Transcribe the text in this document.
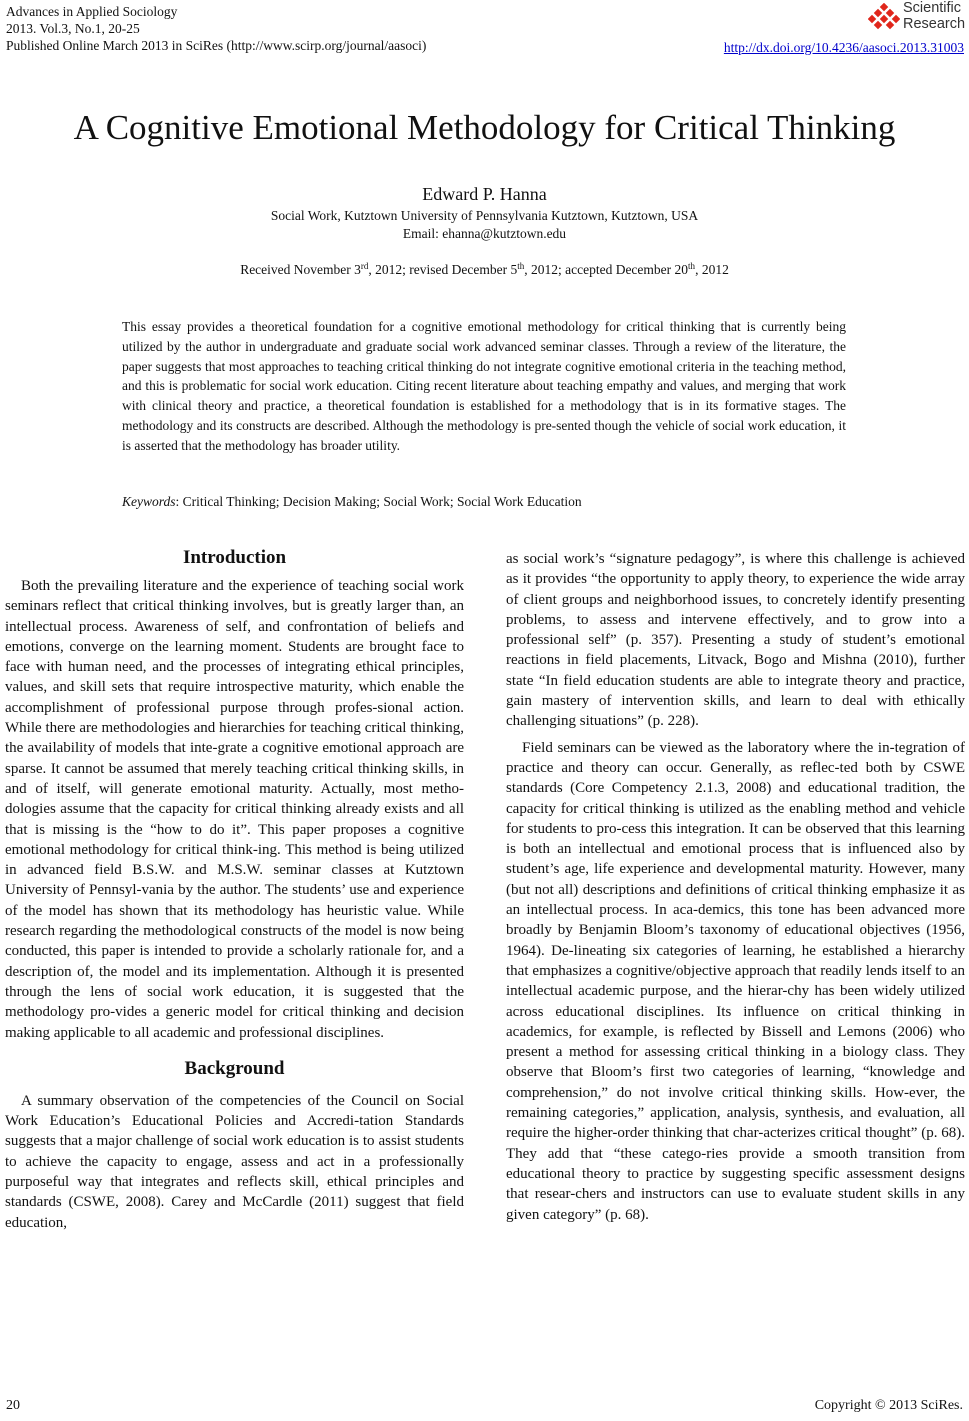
Advances in Applied Sociology
2013. Vol.3, No.1, 20-25
Published Online March 2013 in SciRes (http://www.scirp.org/journal/aasoci)
Scientific
Research
http://dx.doi.org/10.4236/aasoci.2013.31003
A Cognitive Emotional Methodology for Critical Thinking
Edward P. Hanna
Social Work, Kutztown University of Pennsylvania Kutztown, Kutztown, USA
Email: ehanna@kutztown.edu
Received November 3rd, 2012; revised December 5th, 2012; accepted December 20th, 2012
This essay provides a theoretical foundation for a cognitive emotional methodology for critical thinking that is currently being utilized by the author in undergraduate and graduate social work advanced seminar classes. Through a review of the literature, the paper suggests that most approaches to teaching critical thinking do not integrate cognitive emotional criteria in the teaching method, and this is problematic for social work education. Citing recent literature about teaching empathy and values, and merging that work with clinical theory and practice, a theoretical foundation is established for a methodology that is in its formative stages. The methodology and its constructs are described. Although the methodology is pre-sented though the vehicle of social work education, it is asserted that the methodology has broader utility.
Keywords: Critical Thinking; Decision Making; Social Work; Social Work Education
Introduction

Both the prevailing literature and the experience of teaching social work seminars reflect that critical thinking involves, but is greatly larger than, an intellectual process. Awareness of self, and confrontation of beliefs and emotions, converge on the learning moment. Students are brought face to face with human need, and the processes of integrating ethical principles, values, and skill sets that require introspective maturity, which enable the accomplishment of professional purpose through profes-sional action. While there are methodologies and hierarchies for teaching critical thinking, the availability of models that inte-grate a cognitive emotional approach are sparse. It cannot be assumed that merely teaching critical thinking skills, in and of itself, will generate emotional maturity. Actually, most metho-dologies assume that the capacity for critical thinking already exists and all that is missing is the “how to do it”. This paper proposes a cognitive emotional methodology for critical think-ing. This method is being utilized in advanced field B.S.W. and M.S.W. seminar classes at Kutztown University of Pennsyl-vania by the author. The students’ use and experience of the model has shown that its methodology has heuristic value. While research regarding the methodological constructs of the model is now being conducted, this paper is intended to provide a scholarly rationale for, and a description of, the model and its implementation. Although it is presented through the lens of social work education, it is suggested that the methodology pro-vides a generic model for critical thinking and decision making applicable to all academic and professional disciplines.

Background

A summary observation of the competencies of the Council on Social Work Education’s Educational Policies and Accredi-tation Standards suggests that a major challenge of social work education is to assist students to achieve the capacity to engage, assess and act in a professionally purposeful way that integrates and reflects skill, ethical principles and standards (CSWE, 2008). Carey and McCardle (2011) suggest that field education,

as social work’s “signature pedagogy”, is where this challenge is achieved as it provides “the opportunity to apply theory, to experience the wide array of client groups and neighborhood issues, to concretely identify presenting problems, to assess and intervene effectively, and to grow into a professional self” (p. 357). Presenting a study of student’s emotional reactions in field placements, Litvack, Bogo and Mishna (2010), further state “In field education students are able to integrate theory and practice, gain mastery of intervention skills, and learn to deal with ethically challenging situations” (p. 228).

Field seminars can be viewed as the laboratory where the in-tegration of practice and theory can occur. Generally, as reflec-ted both by CSWE standards (Core Competency 2.1.3, 2008) and educational tradition, the capacity for critical thinking is utilized as the enabling method and vehicle for students to pro-cess this integration. It can be observed that this learning is both an intellectual and emotional process that is influenced also by student’s age, life experience and developmental maturity. However, many (but not all) descriptions and definitions of critical thinking emphasize it as an intellectual process. In aca-demics, this tone has been advanced more broadly by Benjamin Bloom’s taxonomy of educational objectives (1956, 1964). De-lineating six categories of learning, he established a hierarchy that emphasizes a cognitive/objective approach that readily lends itself to an intellectual academic purpose, and the hierar-chy has been widely utilized across educational disciplines. Its influence on critical thinking in academics, for example, is reflected by Bissell and Lemons (2006) who present a method for assessing critical thinking in a biology class. They observe that Bloom’s first two categories of learning, “knowledge and comprehension,” do not involve critical thinking skills. How-ever, the remaining categories,” application, analysis, synthesis, and evaluation, all require the higher-order thinking that char-acterizes critical thought” (p. 68). They add that “these catego-ries provide a smooth transition from educational theory to practice by suggesting specific assessment designs that resear-chers and instructors can use to evaluate student skills in any given category” (p. 68).

20	Copyright © 2013 SciRes.
